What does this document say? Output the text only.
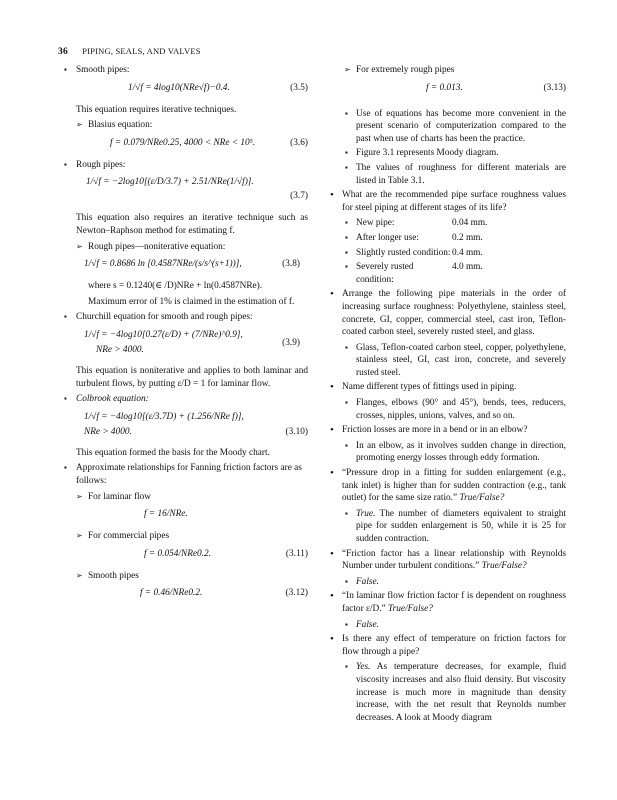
36 PIPING, SEALS, AND VALVES
▪ Smooth pipes:
1/√f = 4log10(NRe√f)−0.4.	(3.5)
This equation requires iterative techniques.
➢ Blasius equation:
f = 0.079/NRe0.25, 4000 < NRe < 10⁵.	(3.6)
▪ Rough pipes:
1/√f = −2log10[(ε/D/3.7) + 2.51/NRe(1/√f)].
(3.7)
This equation also requires an iterative technique such as Newton–Raphson method for estimating f.
➢ Rough pipes—noniterative equation:
1/√f = 0.8686 ln [0.4587NRe/(s/s^(s+1))],	(3.8)
where s = 0.1240(∈ /D)NRe + ln(0.4587NRe).
Maximum error of 1% is claimed in the estimation of f.
▪ Churchill equation for smooth and rough pipes:
1/√f = −4log10[0.27(ε/D) + (7/NRe)^0.9],
NRe > 4000.
(3.9)
This equation is noniterative and applies to both laminar and turbulent flows, by putting ε/D = 1 for laminar flow.
▪ Colbrook equation:
1/√f = −4log10[(ε/3.7D) + (1.256/NRe f)],
NRe > 4000.	(3.10)
This equation formed the basis for the Moody chart.
▪ Approximate relationships for Fanning friction factors are as follows:
➢ For laminar flow
f = 16/NRe.
➢ For commercial pipes
f = 0.054/NRe0.2.	(3.11)
➢ Smooth pipes
f = 0.46/NRe0.2.	(3.12)
➢ For extremely rough pipes
f = 0.013.	(3.13)
▪ Use of equations has become more convenient in the present scenario of computerization compared to the past when use of charts has been the practice.
▪ Figure 3.1 represents Moody diagram.
▪ The values of roughness for different materials are listed in Table 3.1.
• What are the recommended pipe surface roughness values for steel piping at different stages of its life?
▪ New pipe:	0.04 mm.
▪ After longer use:	0.2 mm.
▪ Slightly rusted condition: 0.4 mm.
▪ Severely rusted condition:
4.0 mm.
• Arrange the following pipe materials in the order of increasing surface roughness: Polyethylene, stainless steel, concrete, GI, copper, commercial steel, cast iron, Teflon-coated carbon steel, severely rusted steel, and glass.
▪ Glass, Teflon-coated carbon steel, copper, polyethylene, stainless steel, GI, cast iron, concrete, and severely rusted steel.
• Name different types of fittings used in piping.
▪ Flanges, elbows (90° and 45°), bends, tees, reducers, crosses, nipples, unions, valves, and so on.
• Friction losses are more in a bend or in an elbow?
▪ In an elbow, as it involves sudden change in direction, promoting energy losses through eddy formation.
• “Pressure drop in a fitting for sudden enlargement (e.g., tank inlet) is higher than for sudden contraction (e.g., tank outlet) for the same size ratio.” True/False?
▪ True. The number of diameters equivalent to straight pipe for sudden enlargement is 50, while it is 25 for sudden contraction.
• “Friction factor has a linear relationship with Reynolds Number under turbulent conditions.” True/False?
▪ False.
• “In laminar flow friction factor f is dependent on roughness factor ε/D.” True/False?
▪ False.
• Is there any effect of temperature on friction factors for flow through a pipe?
▪ Yes. As temperature decreases, for example, fluid viscosity increases and also fluid density. But viscosity increase is much more in magnitude than density increase, with the net result that Reynolds number decreases. A look at Moody diagram
